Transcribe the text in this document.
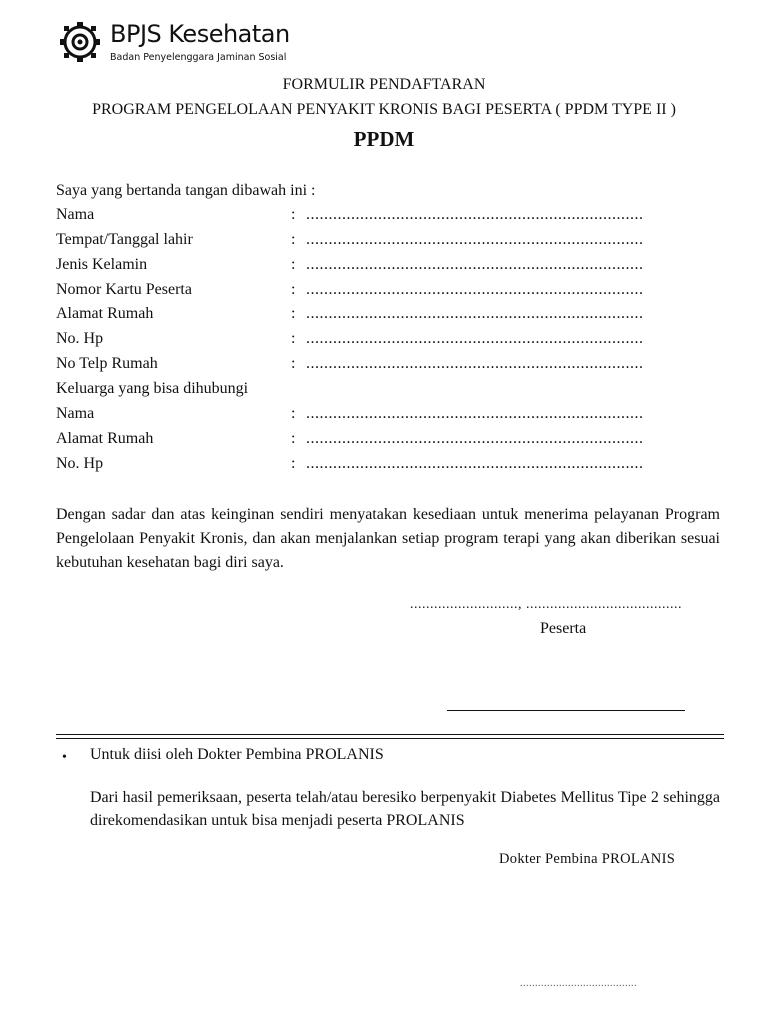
BPJS Kesehatan
Badan Penyelenggara Jaminan Sosial
FORMULIR PENDAFTARAN
PROGRAM PENGELOLAAN PENYAKIT KRONIS BAGI PESERTA ( PPDM TYPE II )
PPDM
Saya yang bertanda tangan dibawah ini :
Nama	: ...........................................................................
Tempat/Tanggal lahir	: ...........................................................................
Jenis Kelamin	: ...........................................................................
Nomor Kartu Peserta	: ...........................................................................
Alamat Rumah	: ...........................................................................
No. Hp	: ...........................................................................
No Telp Rumah	: ...........................................................................
Keluarga yang bisa dihubungi
Nama	: ...........................................................................
Alamat Rumah	: ...........................................................................
No. Hp	: ...........................................................................
Dengan sadar dan atas keinginan sendiri menyatakan kesediaan untuk menerima pelayanan Program Pengelolaan Penyakit Kronis, dan akan menjalankan setiap program terapi yang akan diberikan sesuai kebutuhan kesehatan bagi diri saya.
..........................., .......................................
Peserta
• Untuk diisi oleh Dokter Pembina PROLANIS
Dari hasil pemeriksaan, peserta telah/atau beresiko berpenyakit Diabetes Mellitus Tipe 2 sehingga direkomendasikan untuk bisa menjadi peserta PROLANIS
Dokter Pembina PROLANIS
.......................................
